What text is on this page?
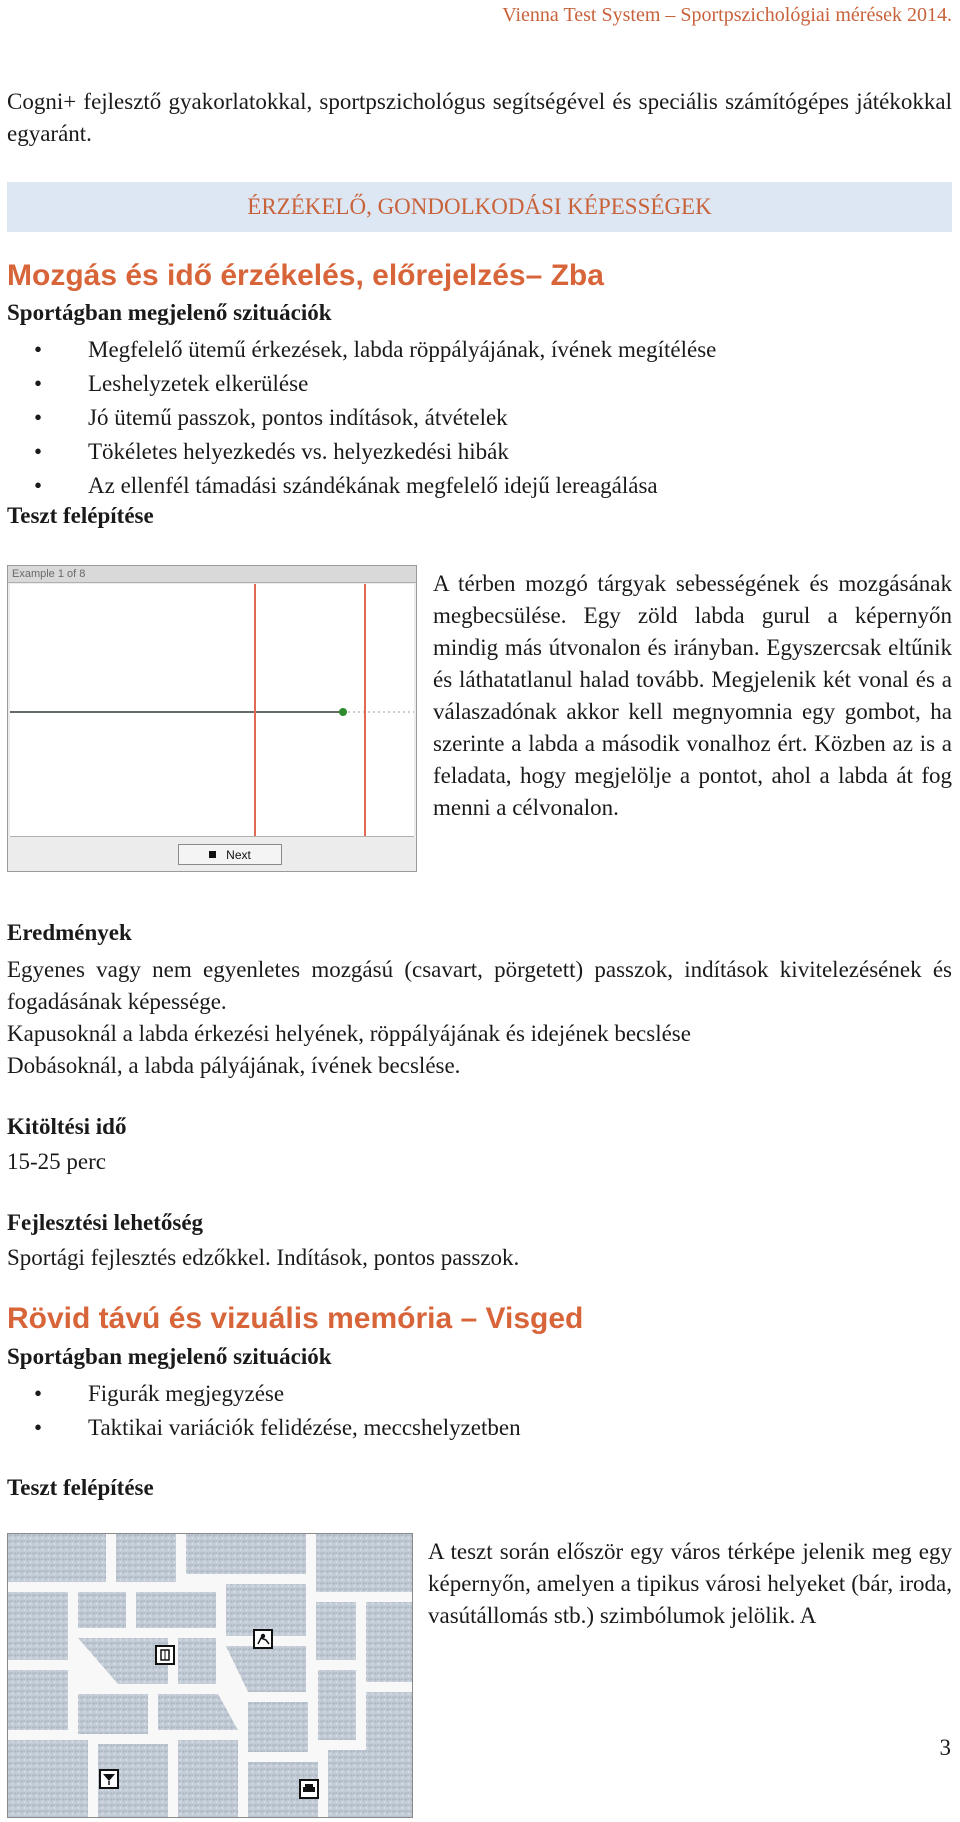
Vienna Test System – Sportpszichológiai mérések 2014.
Cogni+ fejlesztő gyakorlatokkal, sportpszichológus segítségével és speciális számítógépes játékokkal egyaránt.
ÉRZÉKELŐ, GONDOLKODÁSI KÉPESSÉGEK
Mozgás és idő érzékelés, előrejelzés– Zba
Sportágban megjelenő szituációk
• Megfelelő ütemű érkezések, labda röppályájának, ívének megítélése
• Leshelyzetek elkerülése
• Jó ütemű passzok, pontos indítások, átvételek
• Tökéletes helyezkedés vs. helyezkedési hibák
• Az ellenfél támadási szándékának megfelelő idejű lereagálása
Teszt felépítése
Example 1 of 8
Next
A térben mozgó tárgyak sebességének és mozgásának megbecsülése. Egy zöld labda gurul a képernyőn mindig más útvonalon és irányban. Egyszercsak eltűnik és láthatatlanul halad tovább. Megjelenik két vonal és a válaszadónak akkor kell megnyomnia egy gombot, ha szerinte a labda a második vonalhoz ért. Közben az is a feladata, hogy megjelölje a pontot, ahol a labda át fog menni a célvonalon.
Eredmények
Egyenes vagy nem egyenletes mozgású (csavart, pörgetett) passzok, indítások kivitelezésének és fogadásának képessége.
Kapusoknál a labda érkezési helyének, röppályájának és idejének becslése
Dobásoknál, a labda pályájának, ívének becslése.
Kitöltési idő
15-25 perc
Fejlesztési lehetőség
Sportági fejlesztés edzőkkel. Indítások, pontos passzok.
Rövid távú és vizuális memória – Visged
Sportágban megjelenő szituációk
• Figurák megjegyzése
• Taktikai variációk felidézése, meccshelyzetben
Teszt felépítése
A teszt során először egy város térképe jelenik meg egy képernyőn, amelyen a tipikus városi helyeket (bár, iroda, vasútállomás stb.) szimbólumok jelölik. A
3
